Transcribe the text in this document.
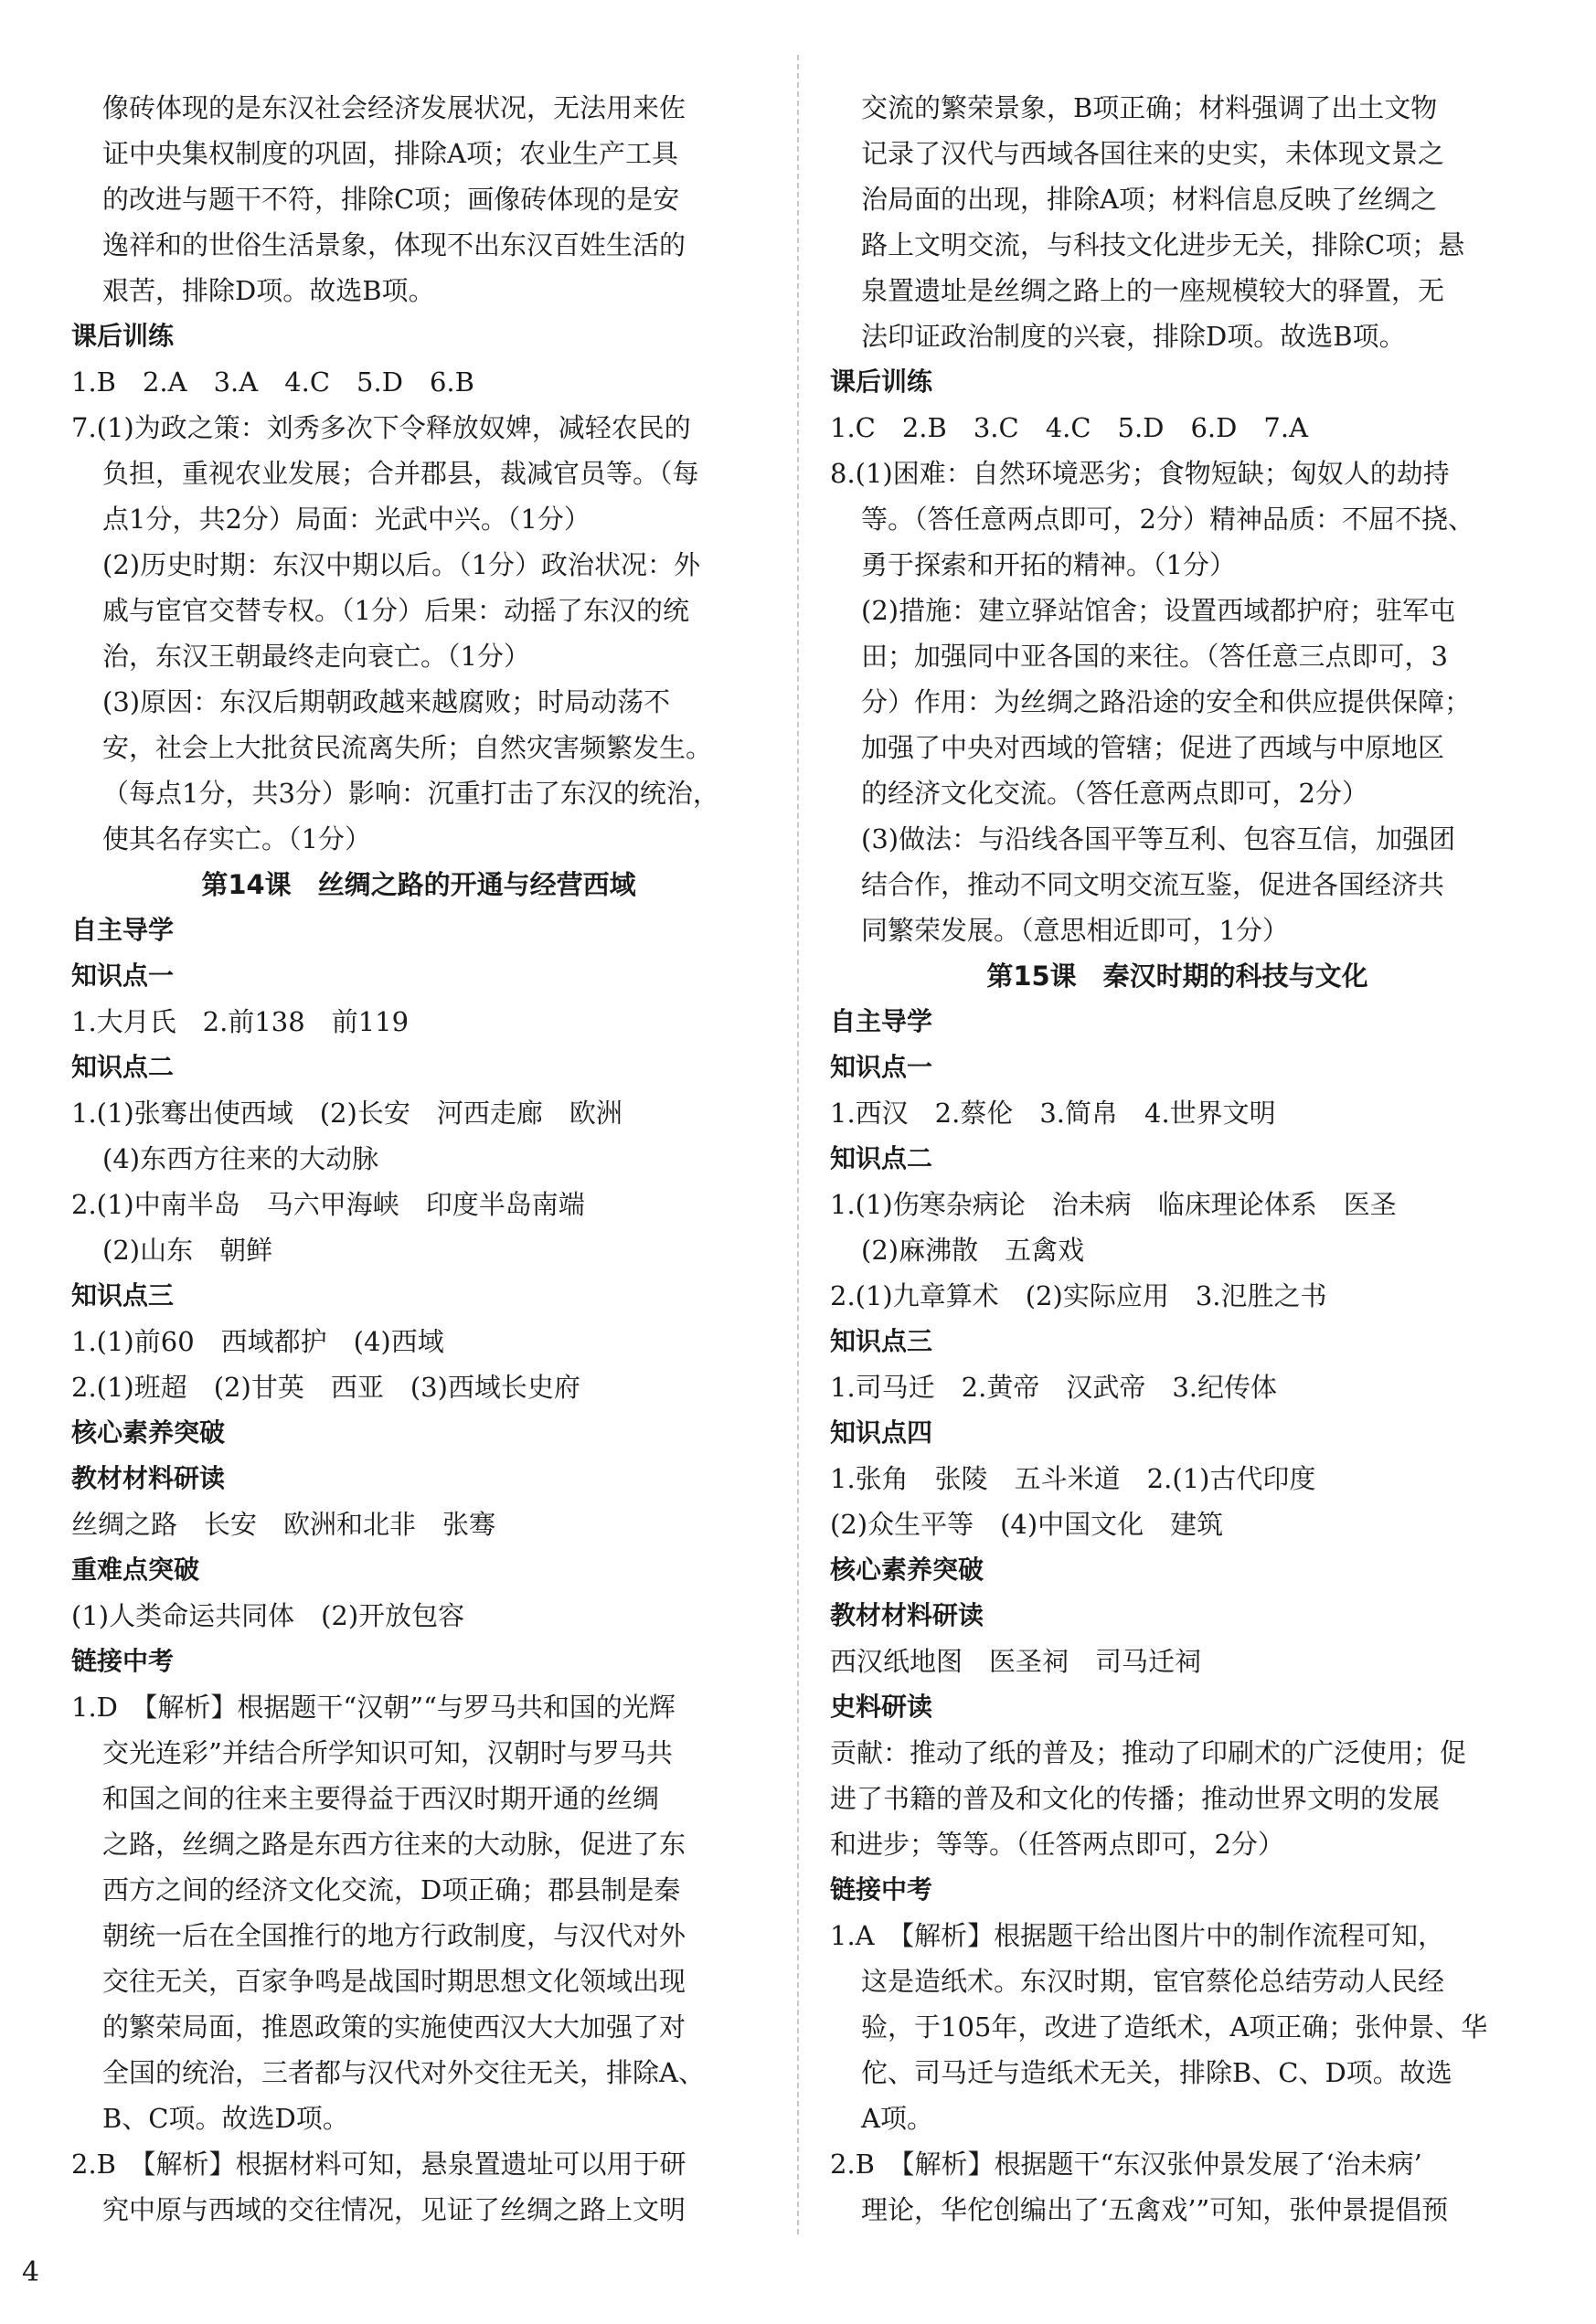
像砖体现的是东汉社会经济发展状况，无法用来佐
证中央集权制度的巩固，排除A项；农业生产工具
的改进与题干不符，排除C项；画像砖体现的是安
逸祥和的世俗生活景象，体现不出东汉百姓生活的
艰苦，排除D项。故选B项。
课后训练
1.B　2.A　3.A　4.C　5.D　6.B
7.(1)为政之策：刘秀多次下令释放奴婢，减轻农民的
负担，重视农业发展；合并郡县，裁减官员等。（每
点1分，共2分）局面：光武中兴。（1分）
(2)历史时期：东汉中期以后。（1分）政治状况：外
戚与宦官交替专权。（1分）后果：动摇了东汉的统
治，东汉王朝最终走向衰亡。（1分）
(3)原因：东汉后期朝政越来越腐败；时局动荡不
安，社会上大批贫民流离失所；自然灾害频繁发生。
（每点1分，共3分）影响：沉重打击了东汉的统治，
使其名存实亡。（1分）
第14课　丝绸之路的开通与经营西域
自主导学
知识点一
1.大月氏　2.前138　前119
知识点二
1.(1)张骞出使西域　(2)长安　河西走廊　欧洲
(4)东西方往来的大动脉
2.(1)中南半岛　马六甲海峡　印度半岛南端
(2)山东　朝鲜
知识点三
1.(1)前60　西域都护　(4)西域
2.(1)班超　(2)甘英　西亚　(3)西域长史府
核心素养突破
教材材料研读
丝绸之路　长安　欧洲和北非　张骞
重难点突破
(1)人类命运共同体　(2)开放包容
链接中考
1.D　【解析】根据题干“汉朝”“与罗马共和国的光辉
交光连彩”并结合所学知识可知，汉朝时与罗马共
和国之间的往来主要得益于西汉时期开通的丝绸
之路，丝绸之路是东西方往来的大动脉，促进了东
西方之间的经济文化交流，D项正确；郡县制是秦
朝统一后在全国推行的地方行政制度，与汉代对外
交往无关，百家争鸣是战国时期思想文化领域出现
的繁荣局面，推恩政策的实施使西汉大大加强了对
全国的统治，三者都与汉代对外交往无关，排除A、
B、C项。故选D项。
2.B　【解析】根据材料可知，悬泉置遗址可以用于研
究中原与西域的交往情况，见证了丝绸之路上文明
交流的繁荣景象，B项正确；材料强调了出土文物
记录了汉代与西域各国往来的史实，未体现文景之
治局面的出现，排除A项；材料信息反映了丝绸之
路上文明交流，与科技文化进步无关，排除C项；悬
泉置遗址是丝绸之路上的一座规模较大的驿置，无
法印证政治制度的兴衰，排除D项。故选B项。
课后训练
1.C　2.B　3.C　4.C　5.D　6.D　7.A
8.(1)困难：自然环境恶劣；食物短缺；匈奴人的劫持
等。（答任意两点即可，2分）精神品质：不屈不挠、
勇于探索和开拓的精神。（1分）
(2)措施：建立驿站馆舍；设置西域都护府；驻军屯
田；加强同中亚各国的来往。（答任意三点即可，3
分）作用：为丝绸之路沿途的安全和供应提供保障；
加强了中央对西域的管辖；促进了西域与中原地区
的经济文化交流。（答任意两点即可，2分）
(3)做法：与沿线各国平等互利、包容互信，加强团
结合作，推动不同文明交流互鉴，促进各国经济共
同繁荣发展。（意思相近即可，1分）
第15课　秦汉时期的科技与文化
自主导学
知识点一
1.西汉　2.蔡伦　3.简帛　4.世界文明
知识点二
1.(1)伤寒杂病论　治未病　临床理论体系　医圣
(2)麻沸散　五禽戏
2.(1)九章算术　(2)实际应用　3.氾胜之书
知识点三
1.司马迁　2.黄帝　汉武帝　3.纪传体
知识点四
1.张角　张陵　五斗米道　2.(1)古代印度
(2)众生平等　(4)中国文化　建筑
核心素养突破
教材材料研读
西汉纸地图　医圣祠　司马迁祠
史料研读
贡献：推动了纸的普及；推动了印刷术的广泛使用；促
进了书籍的普及和文化的传播；推动世界文明的发展
和进步；等等。（任答两点即可，2分）
链接中考
1.A　【解析】根据题干给出图片中的制作流程可知，
这是造纸术。东汉时期，宦官蔡伦总结劳动人民经
验，于105年，改进了造纸术，A项正确；张仲景、华
佗、司马迁与造纸术无关，排除B、C、D项。故选
A项。
2.B　【解析】根据题干“东汉张仲景发展了‘治未病’
理论，华佗创编出了‘五禽戏’”可知，张仲景提倡预
4
